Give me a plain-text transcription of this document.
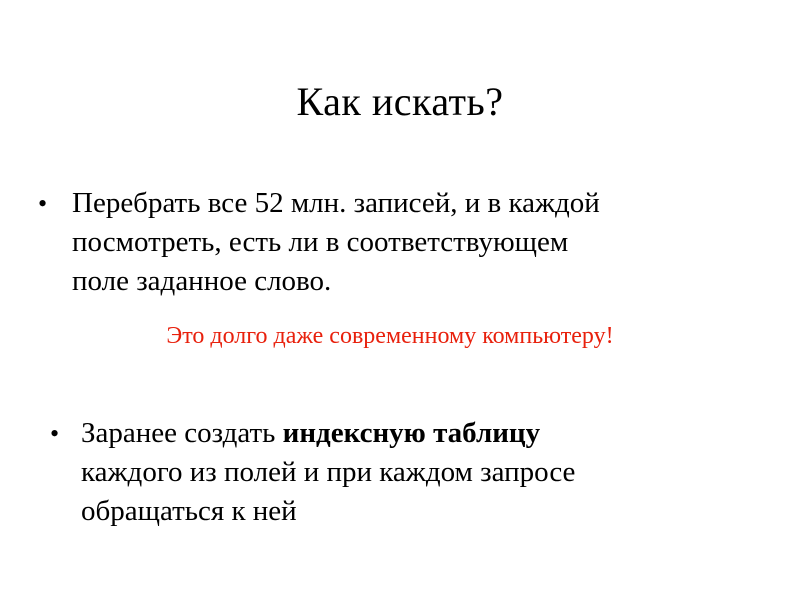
Как искать?
• Перебрать все 52 млн. записей, и в каждой
посмотреть, есть ли в соответствующем
поле заданное слово.
Это долго даже современному компьютеру!
• Заранее создать индексную таблицу
каждого из полей и при каждом запросе
обращаться к ней
